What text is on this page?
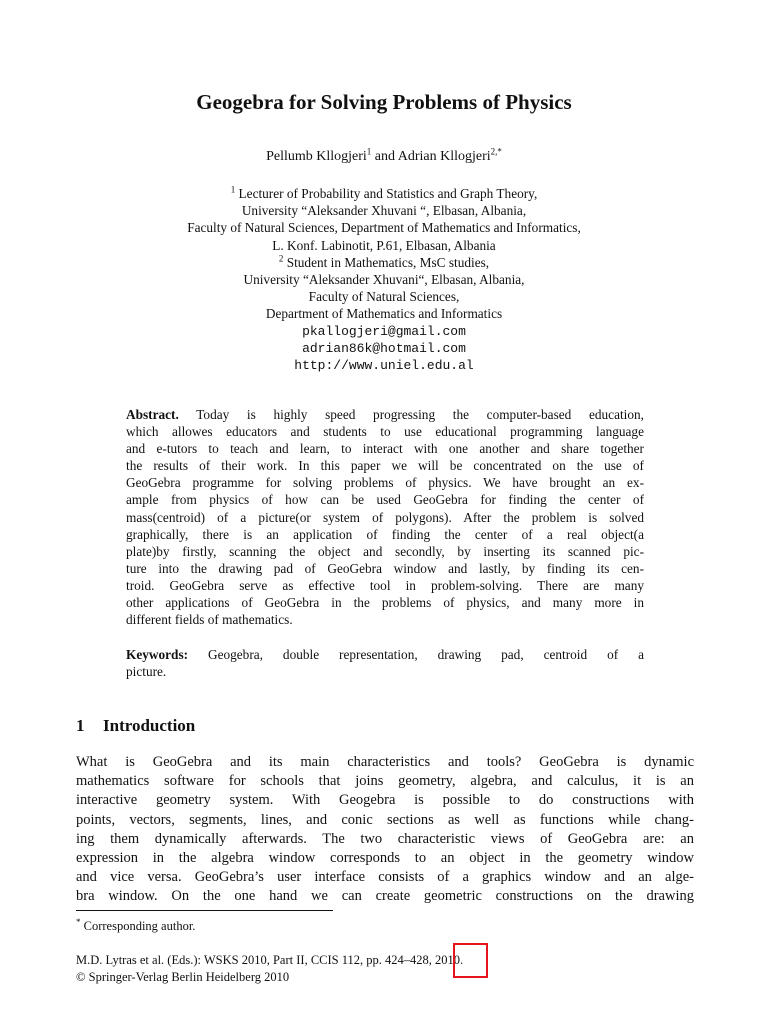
Geogebra for Solving Problems of Physics
Pellumb Kllogjeri$^1$ and Adrian Kllogjeri$^{2,*}$
$^1$ Lecturer of Probability and Statistics and Graph Theory,
University “Aleksander Xhuvani “, Elbasan, Albania,
Faculty of Natural Sciences, Department of Mathematics and Informatics,
L. Konf. Labinotit, P.61, Elbasan, Albania
$^2$ Student in Mathematics, MsC studies,
University “Aleksander Xhuvani“, Elbasan, Albania,
Faculty of Natural Sciences,
Department of Mathematics and Informatics
pkallogjeri@gmail.com
adrian86k@hotmail.com
http://www.uniel.edu.al
Abstract. Today is highly speed progressing the computer-based education,
which allowes educators and students to use educational programming language
and e-tutors to teach and learn, to interact with one another and share together
the results of their work. In this paper we will be concentrated on the use of
GeoGebra programme for solving problems of physics. We have brought an ex-
ample from physics of how can be used GeoGebra for finding the center of
mass(centroid) of a picture(or system of polygons). After the problem is solved
graphically, there is an application of finding the center of a real object(a
plate)by firstly, scanning the object and secondly, by inserting its scanned pic-
ture into the drawing pad of GeoGebra window and lastly, by finding its cen-
troid. GeoGebra serve as effective tool in problem-solving. There are many
other applications of GeoGebra in the problems of physics, and many more in
different fields of mathematics.
Keywords: Geogebra, double representation, drawing pad, centroid of a
picture.
1 Introduction
What is GeoGebra and its main characteristics and tools? GeoGebra is dynamic
mathematics software for schools that joins geometry, algebra, and calculus, it is an
interactive geometry system. With Geogebra is possible to do constructions with
points, vectors, segments, lines, and conic sections as well as functions while chang-
ing them dynamically afterwards. The two characteristic views of GeoGebra are: an
expression in the algebra window corresponds to an object in the geometry window
and vice versa. GeoGebra’s user interface consists of a graphics window and an alge-
bra window. On the one hand we can create geometric constructions on the drawing
* Corresponding author.
M.D. Lytras et al. (Eds.): WSKS 2010, Part II, CCIS 112, pp. 424–428, 2010.
© Springer-Verlag Berlin Heidelberg 2010
